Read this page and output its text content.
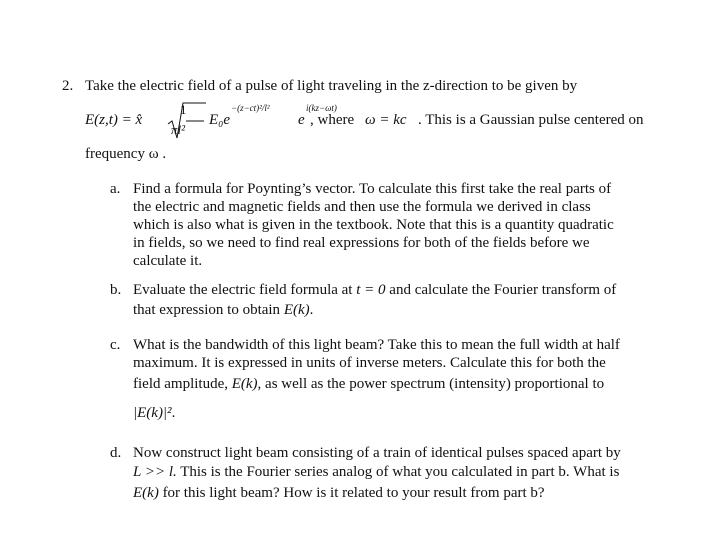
2. Take the electric field of a pulse of light traveling in the z-direction to be given by
E(z,t) = x̂
1
πl²
E₀e
−(z−ct)²/l²
e
i(kz−ωt)
, where ω = kc . This is a Gaussian pulse centered on
frequency ω .
a. Find a formula for Poynting’s vector. To calculate this first take the real parts of
the electric and magnetic fields and then use the formula we derived in class
which is also what is given in the textbook. Note that this is a quantity quadratic
in fields, so we need to find real expressions for both of the fields before we
calculate it.
b. Evaluate the electric field formula at t = 0 and calculate the Fourier transform of
that expression to obtain E(k).
c. What is the bandwidth of this light beam? Take this to mean the full width at half
maximum. It is expressed in units of inverse meters. Calculate this for both the
field amplitude, E(k), as well as the power spectrum (intensity) proportional to
|E(k)|².
d. Now construct light beam consisting of a train of identical pulses spaced apart by
L >> l. This is the Fourier series analog of what you calculated in part b. What is
E(k) for this light beam? How is it related to your result from part b?
